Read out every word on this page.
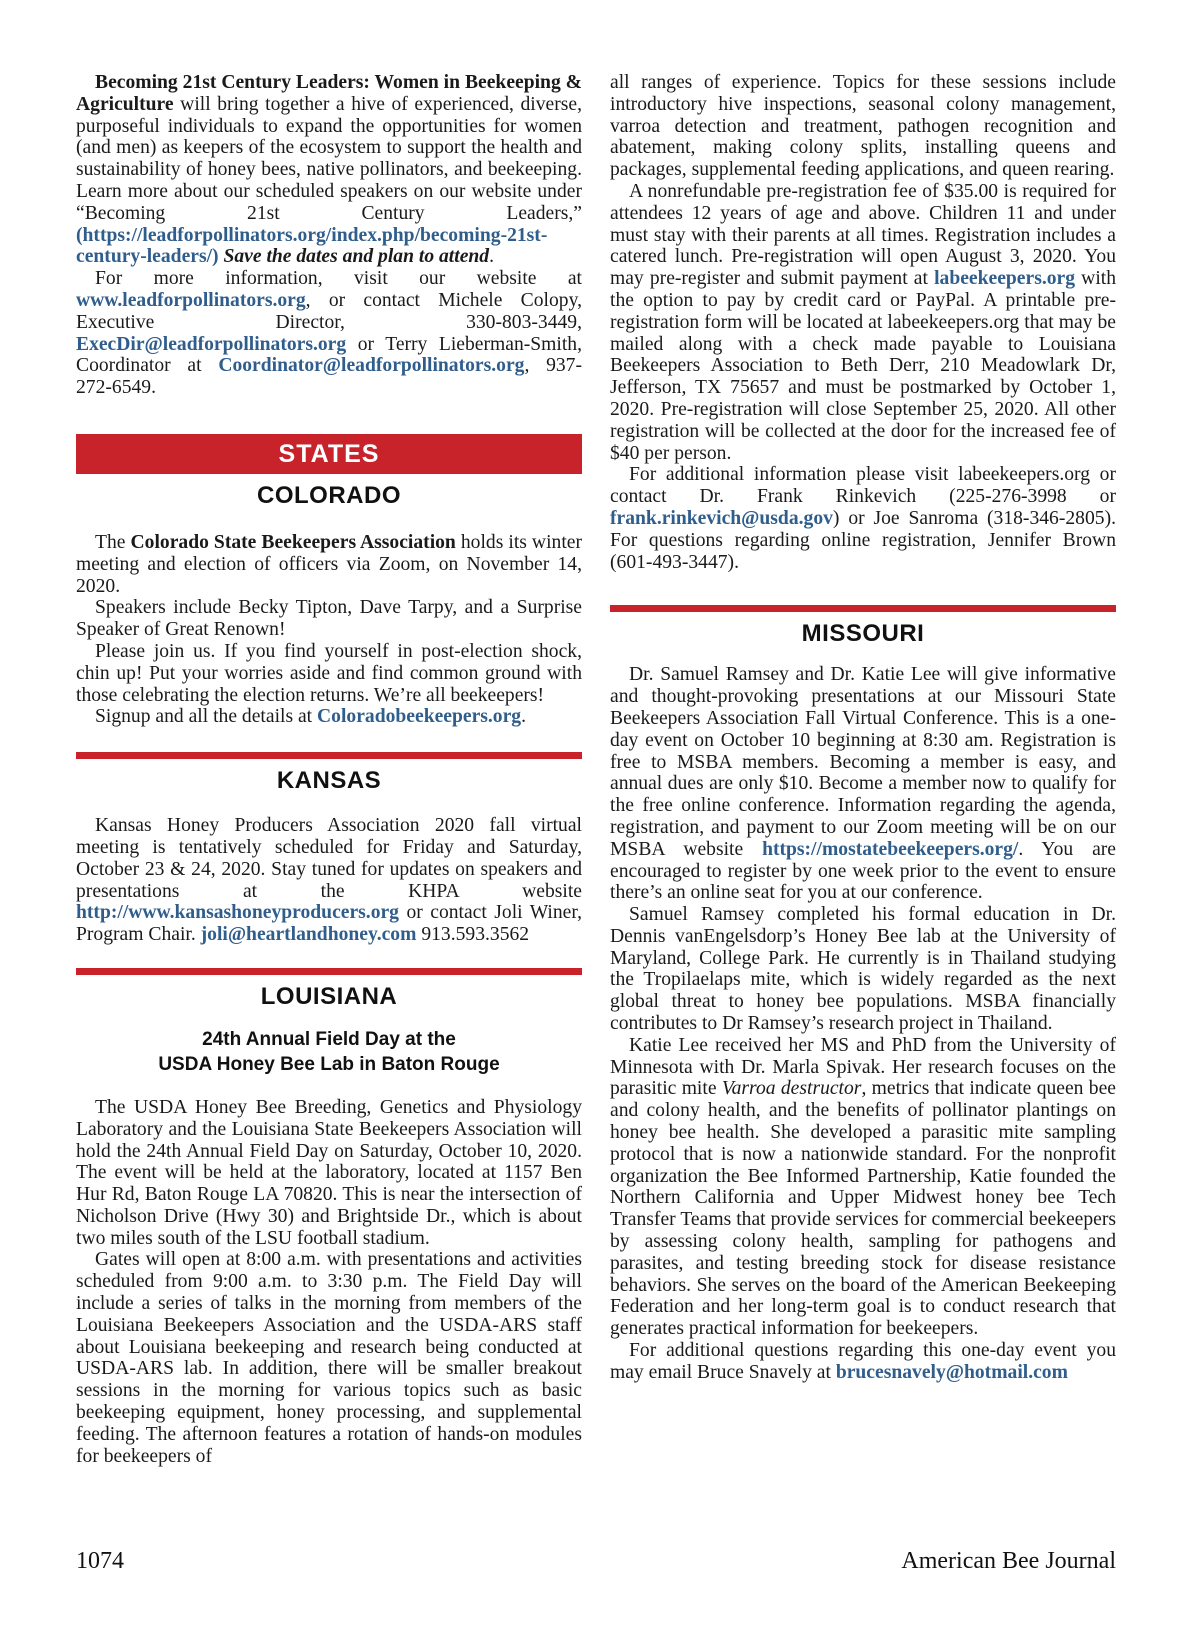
Becoming 21st Century Leaders: Women in Beekeeping & Agriculture will bring together a hive of experienced, diverse, purposeful individuals to expand the opportunities for women (and men) as keepers of the ecosystem to support the health and sustainability of honey bees, native pollinators, and beekeeping. Learn more about our scheduled speakers on our website under “Becoming 21st Century Leaders,” (https://leadforpollinators.org/index.php/becoming-21st-century-leaders/) Save the dates and plan to attend.

For more information, visit our website at www.leadforpollinators.org, or contact Michele Colopy, Executive Director, 330-803-3449, ExecDir@leadforpollinators.org or Terry Lieberman-Smith, Coordinator at Coordinator@leadforpollinators.org, 937-272-6549.

STATES
COLORADO

The Colorado State Beekeepers Association holds its winter meeting and election of officers via Zoom, on November 14, 2020.

Speakers include Becky Tipton, Dave Tarpy, and a Surprise Speaker of Great Renown!

Please join us. If you find yourself in post-election shock, chin up! Put your worries aside and find common ground with those celebrating the election returns. We’re all beekeepers!

Signup and all the details at Coloradobeekeepers.org.

KANSAS

Kansas Honey Producers Association 2020 fall virtual meeting is tentatively scheduled for Friday and Saturday, October 23 & 24, 2020. Stay tuned for updates on speakers and presentations at the KHPA website http://www.kansashoneyproducers.org or contact Joli Winer, Program Chair. joli@heartlandhoney.com 913.593.3562

LOUISIANA
24th Annual Field Day at the
USDA Honey Bee Lab in Baton Rouge

The USDA Honey Bee Breeding, Genetics and Physiology Laboratory and the Louisiana State Beekeepers Association will hold the 24th Annual Field Day on Saturday, October 10, 2020. The event will be held at the laboratory, located at 1157 Ben Hur Rd, Baton Rouge LA 70820. This is near the intersection of Nicholson Drive (Hwy 30) and Brightside Dr., which is about two miles south of the LSU football stadium.

Gates will open at 8:00 a.m. with presentations and activities scheduled from 9:00 a.m. to 3:30 p.m. The Field Day will include a series of talks in the morning from members of the Louisiana Beekeepers Association and the USDA-ARS staff about Louisiana beekeeping and research being conducted at USDA-ARS lab. In addition, there will be smaller breakout sessions in the morning for various topics such as basic beekeeping equipment, honey processing, and supplemental feeding. The afternoon features a rotation of hands-on modules for beekeepers of

all ranges of experience. Topics for these sessions include introductory hive inspections, seasonal colony management, varroa detection and treatment, pathogen recognition and abatement, making colony splits, installing queens and packages, supplemental feeding applications, and queen rearing.

A nonrefundable pre-registration fee of $35.00 is required for attendees 12 years of age and above. Children 11 and under must stay with their parents at all times. Registration includes a catered lunch. Pre-registration will open August 3, 2020. You may pre-register and submit payment at labeekeepers.org with the option to pay by credit card or PayPal. A printable pre-registration form will be located at labeekeepers.org that may be mailed along with a check made payable to Louisiana Beekeepers Association to Beth Derr, 210 Meadowlark Dr, Jefferson, TX 75657 and must be postmarked by October 1, 2020. Pre-registration will close September 25, 2020. All other registration will be collected at the door for the increased fee of $40 per person.

For additional information please visit labeekeepers.org or contact Dr. Frank Rinkevich (225-276-3998 or frank.rinkevich@usda.gov) or Joe Sanroma (318-346-2805). For questions regarding online registration, Jennifer Brown (601-493-3447).

MISSOURI

Dr. Samuel Ramsey and Dr. Katie Lee will give informative and thought-provoking presentations at our Missouri State Beekeepers Association Fall Virtual Conference. This is a one-day event on October 10 beginning at 8:30 am. Registration is free to MSBA members. Becoming a member is easy, and annual dues are only $10. Become a member now to qualify for the free online conference. Information regarding the agenda, registration, and payment to our Zoom meeting will be on our MSBA website https://mostatebeekeepers.org/. You are encouraged to register by one week prior to the event to ensure there’s an online seat for you at our conference.

Samuel Ramsey completed his formal education in Dr. Dennis vanEngelsdorp’s Honey Bee lab at the University of Maryland, College Park. He currently is in Thailand studying the Tropilaelaps mite, which is widely regarded as the next global threat to honey bee populations. MSBA financially contributes to Dr Ramsey’s research project in Thailand.

Katie Lee received her MS and PhD from the University of Minnesota with Dr. Marla Spivak. Her research focuses on the parasitic mite Varroa destructor, metrics that indicate queen bee and colony health, and the benefits of pollinator plantings on honey bee health. She developed a parasitic mite sampling protocol that is now a nationwide standard. For the nonprofit organization the Bee Informed Partnership, Katie founded the Northern California and Upper Midwest honey bee Tech Transfer Teams that provide services for commercial beekeepers by assessing colony health, sampling for pathogens and parasites, and testing breeding stock for disease resistance behaviors. She serves on the board of the American Beekeeping Federation and her long-term goal is to conduct research that generates practical information for beekeepers.

For additional questions regarding this one-day event you may email Bruce Snavely at brucesnavely@hotmail.com

1074	American Bee Journal
